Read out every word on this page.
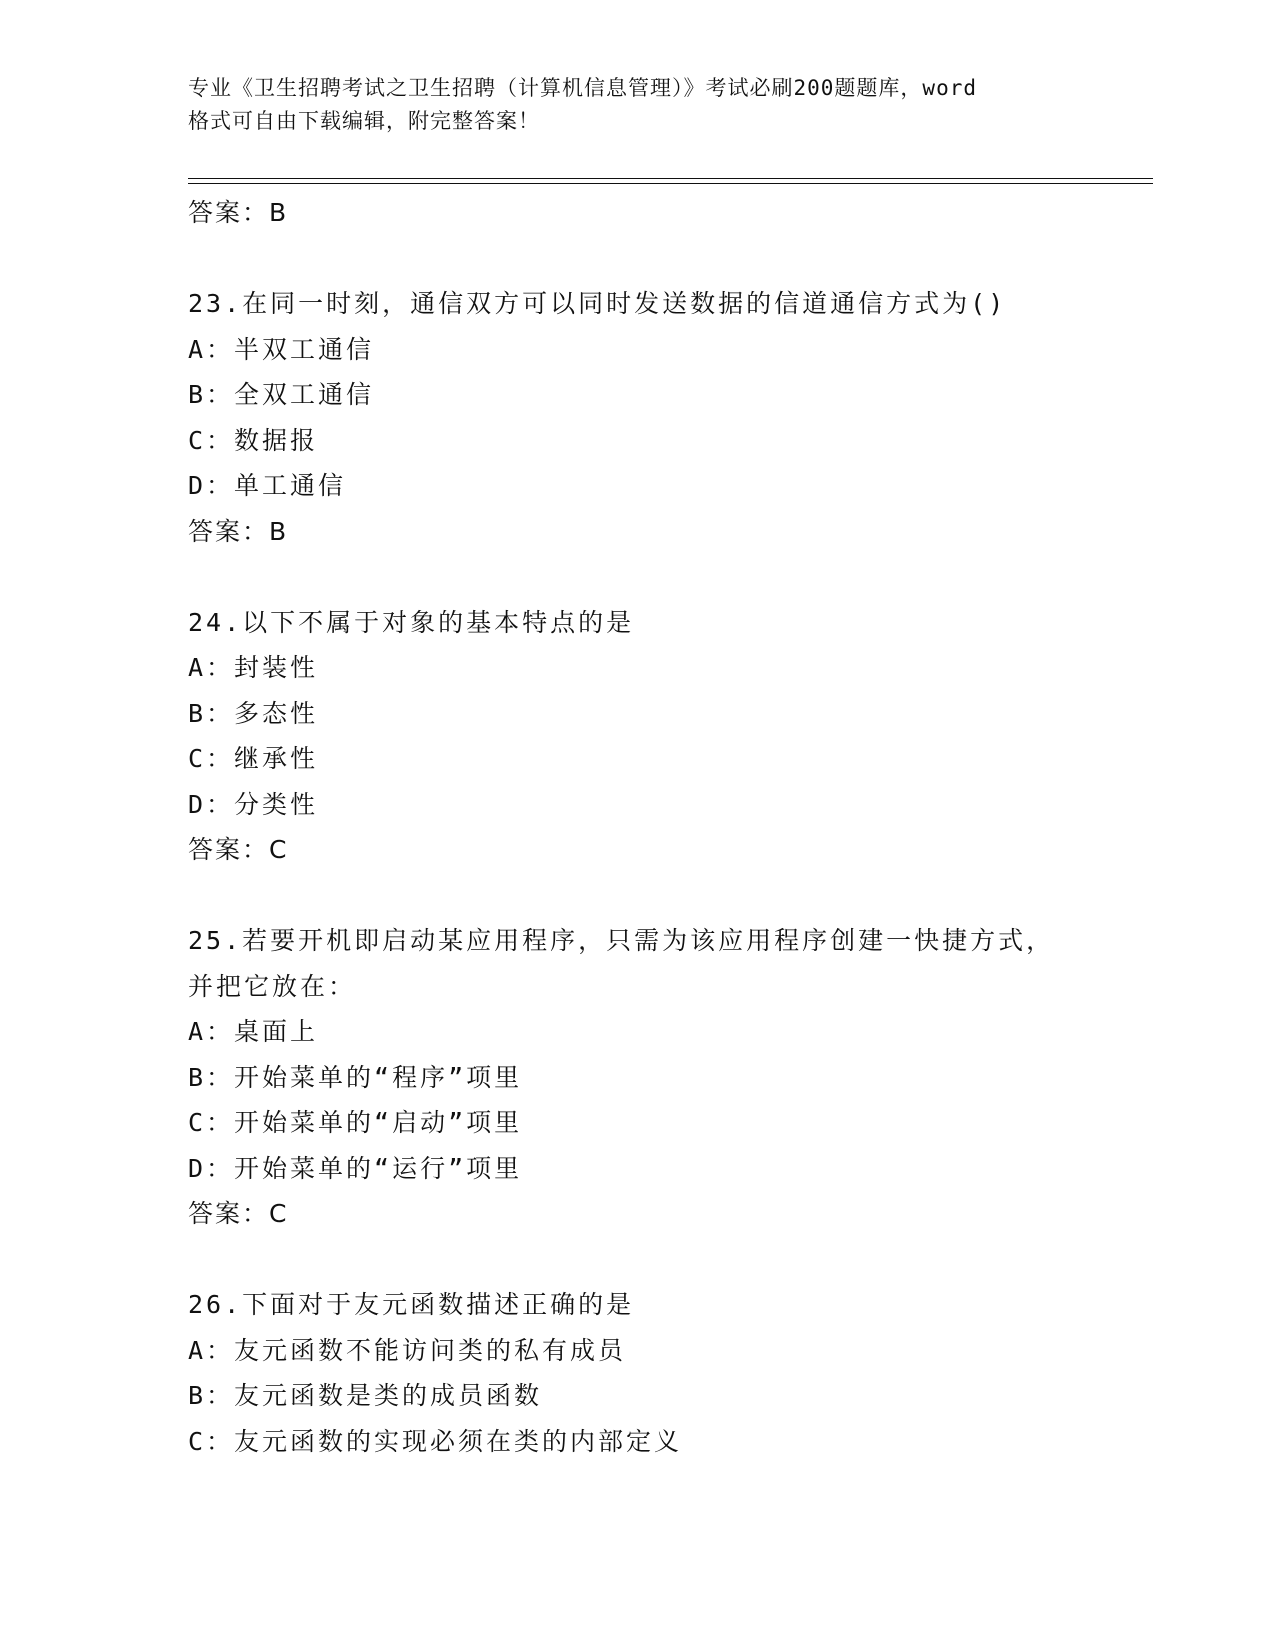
专业《卫生招聘考试之卫生招聘（计算机信息管理）》考试必刷200题题库，word
格式可自由下载编辑，附完整答案！
答案：B
23.在同一时刻，通信双方可以同时发送数据的信道通信方式为()
A：半双工通信
B：全双工通信
C：数据报
D：单工通信
答案：B
24.以下不属于对象的基本特点的是
A：封装性
B：多态性
C：继承性
D：分类性
答案：C
25.若要开机即启动某应用程序，只需为该应用程序创建一快捷方式，
并把它放在：
A：桌面上
B：开始菜单的“程序”项里
C：开始菜单的“启动”项里
D：开始菜单的“运行”项里
答案：C
26.下面对于友元函数描述正确的是
A：友元函数不能访问类的私有成员
B：友元函数是类的成员函数
C：友元函数的实现必须在类的内部定义
